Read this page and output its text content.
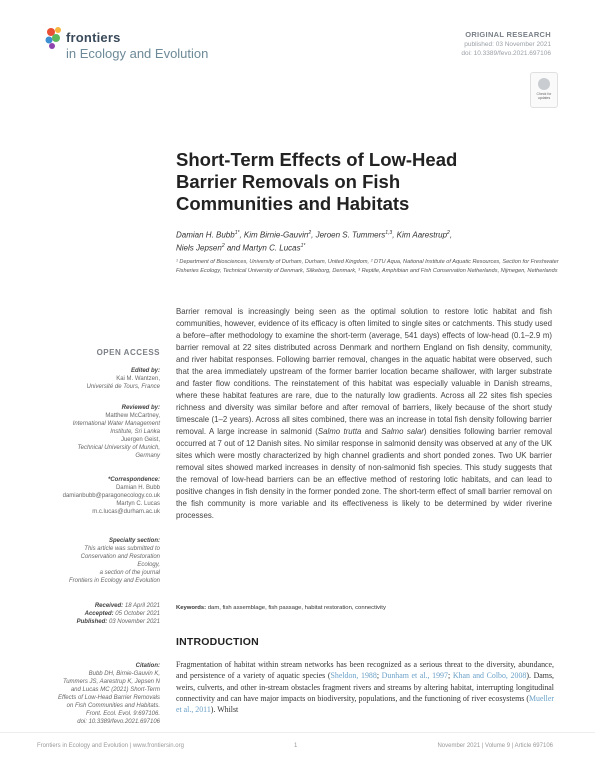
frontiers
in Ecology and Evolution
ORIGINAL RESEARCH
published: 03 November 2021
doi: 10.3389/fevo.2021.697106
Check for updates
Short-Term Effects of Low-Head Barrier Removals on Fish Communities and Habitats
Damian H. Bubb$^{1*}$, Kim Birnie-Gauvin$^2$, Jeroen S. Tummers$^{1,3}$, Kim Aarestrup$^2$,
Niels Jepsen$^2$ and Martyn C. Lucas$^{1*}$
¹ Department of Biosciences, University of Durham, Durham, United Kingdom, ² DTU Aqua, National Institute of Aquatic Resources, Section for Freshwater Fisheries Ecology, Technical University of Denmark, Silkeborg, Denmark, ³ Reptile, Amphibian and Fish Conservation Netherlands, Nijmegen, Netherlands
Barrier removal is increasingly being seen as the optimal solution to restore lotic habitat and fish communities, however, evidence of its efficacy is often limited to single sites or catchments. This study used a before–after methodology to examine the short-term (average, 541 days) effects of low-head (0.1–2.9 m) barrier removal at 22 sites distributed across Denmark and northern England on fish density, community, and river habitat responses. Following barrier removal, changes in the aquatic habitat were observed, such that the area immediately upstream of the former barrier location became shallower, with larger substrate and faster flow conditions. The reinstatement of this habitat was especially valuable in Danish streams, where these habitat features are rare, due to the naturally low gradients. Across all 22 sites fish species richness and diversity was similar before and after removal of barriers, likely because of the short study timescale (1–2 years). Across all sites combined, there was an increase in total fish density following barrier removal. A large increase in salmonid (Salmo trutta and Salmo salar) densities following barrier removal occurred at 7 out of 12 Danish sites. No similar response in salmonid density was observed at any of the UK sites which were mostly characterized by high channel gradients and short ponded zones. Two UK barrier removal sites showed marked increases in density of non-salmonid fish species. This study suggests that the removal of low-head barriers can be an effective method of restoring lotic habitats, and can lead to positive changes in fish density in the former ponded zone. The short-term effect of small barrier removal on the fish community is more variable and its effectiveness is likely to be determined by wider riverine processes.
Keywords: dam, fish assemblage, fish passage, habitat restoration, connectivity
INTRODUCTION
Fragmentation of habitat within stream networks has been recognized as a serious threat to the diversity, abundance, and persistence of a variety of aquatic species (Sheldon, 1988; Dunham et al., 1997; Khan and Colbo, 2008). Dams, weirs, culverts, and other in-stream obstacles fragment rivers and streams by altering habitat, interrupting longitudinal connectivity and can have major impacts on biodiversity, populations, and the functioning of river ecosystems (Mueller et al., 2011). Whilst
OPEN ACCESS
Edited by:
Kai M. Wantzen,
Université de Tours, France
Reviewed by:
Matthew McCartney,
International Water Management
Institute, Sri Lanka
Juergen Geist,
Technical University of Munich,
Germany
*Correspondence:
Damian H. Bubb
damianbubb@paragonecology.co.uk
Martyn C. Lucas
m.c.lucas@durham.ac.uk
Specialty section:
This article was submitted to
Conservation and Restoration
Ecology,
a section of the journal
Frontiers in Ecology and Evolution
Received: 18 April 2021
Accepted: 05 October 2021
Published: 03 November 2021
Citation:
Bubb DH, Birnie-Gauvin K,
Tummers JS, Aarestrup K, Jepsen N
and Lucas MC (2021) Short-Term
Effects of Low-Head Barrier Removals
on Fish Communities and Habitats.
Front. Ecol. Evol. 9:697106.
doi: 10.3389/fevo.2021.697106
Frontiers in Ecology and Evolution | www.frontiersin.org	1	November 2021 | Volume 9 | Article 697106
